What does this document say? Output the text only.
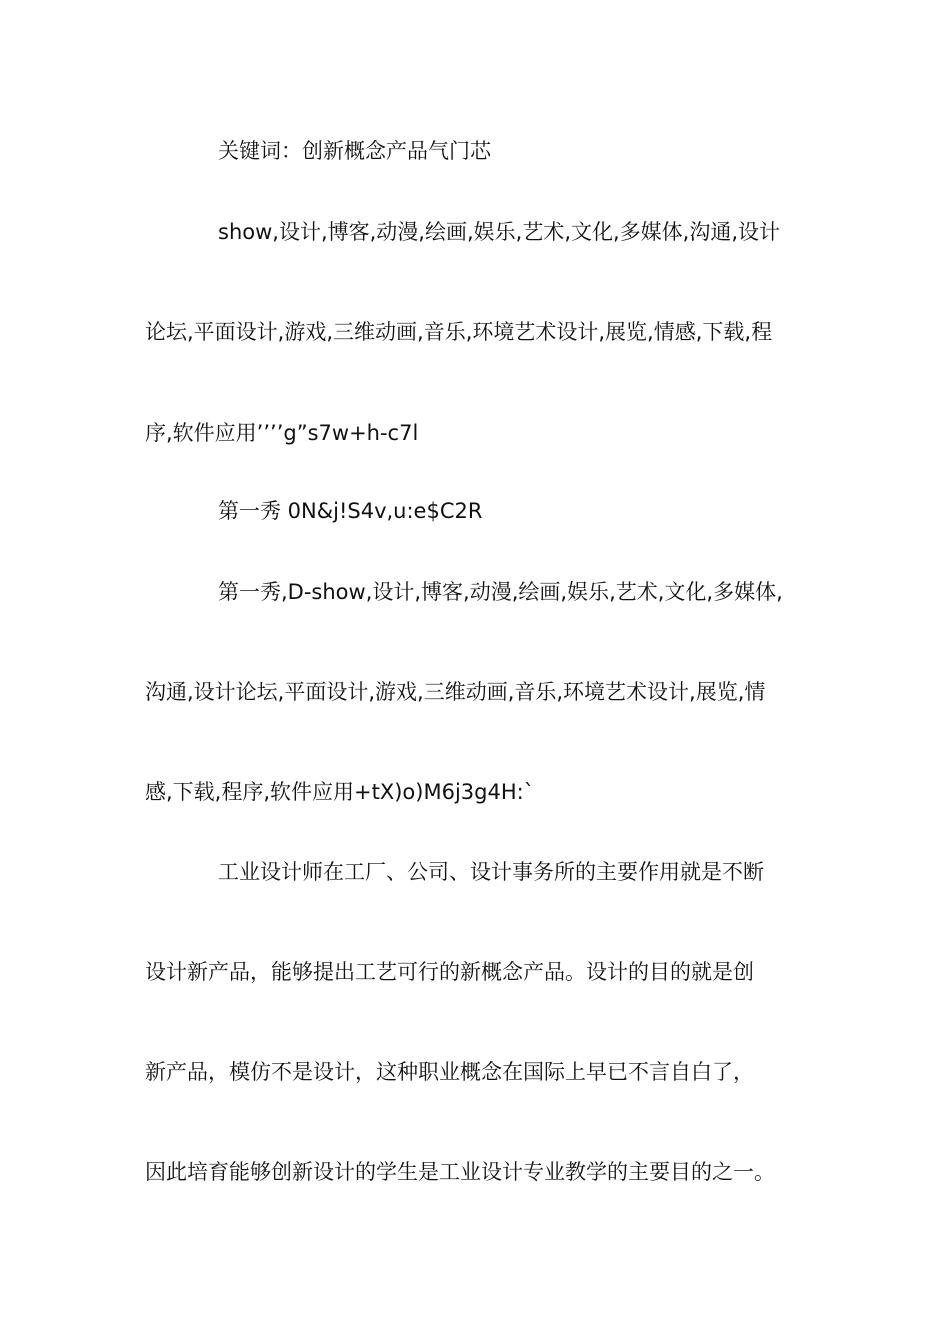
关键词：创新概念产品气门芯
show,设计,博客,动漫,绘画,娱乐,艺术,文化,多媒体,沟通,设计
论坛,平面设计,游戏,三维动画,音乐,环境艺术设计,展览,情感,下载,程
序,软件应用’’’’g”s7w+h-c7l
第一秀 0N&j!S4v,u:e$C2R
第一秀,D-show,设计,博客,动漫,绘画,娱乐,艺术,文化,多媒体,
沟通,设计论坛,平面设计,游戏,三维动画,音乐,环境艺术设计,展览,情
感,下载,程序,软件应用+tX)o)M6j3g4H:`
工业设计师在工厂、公司、设计事务所的主要作用就是不断
设计新产品，能够提出工艺可行的新概念产品。设计的目的就是创
新产品，模仿不是设计，这种职业概念在国际上早已不言自白了，
因此培育能够创新设计的学生是工业设计专业教学的主要目的之一。
